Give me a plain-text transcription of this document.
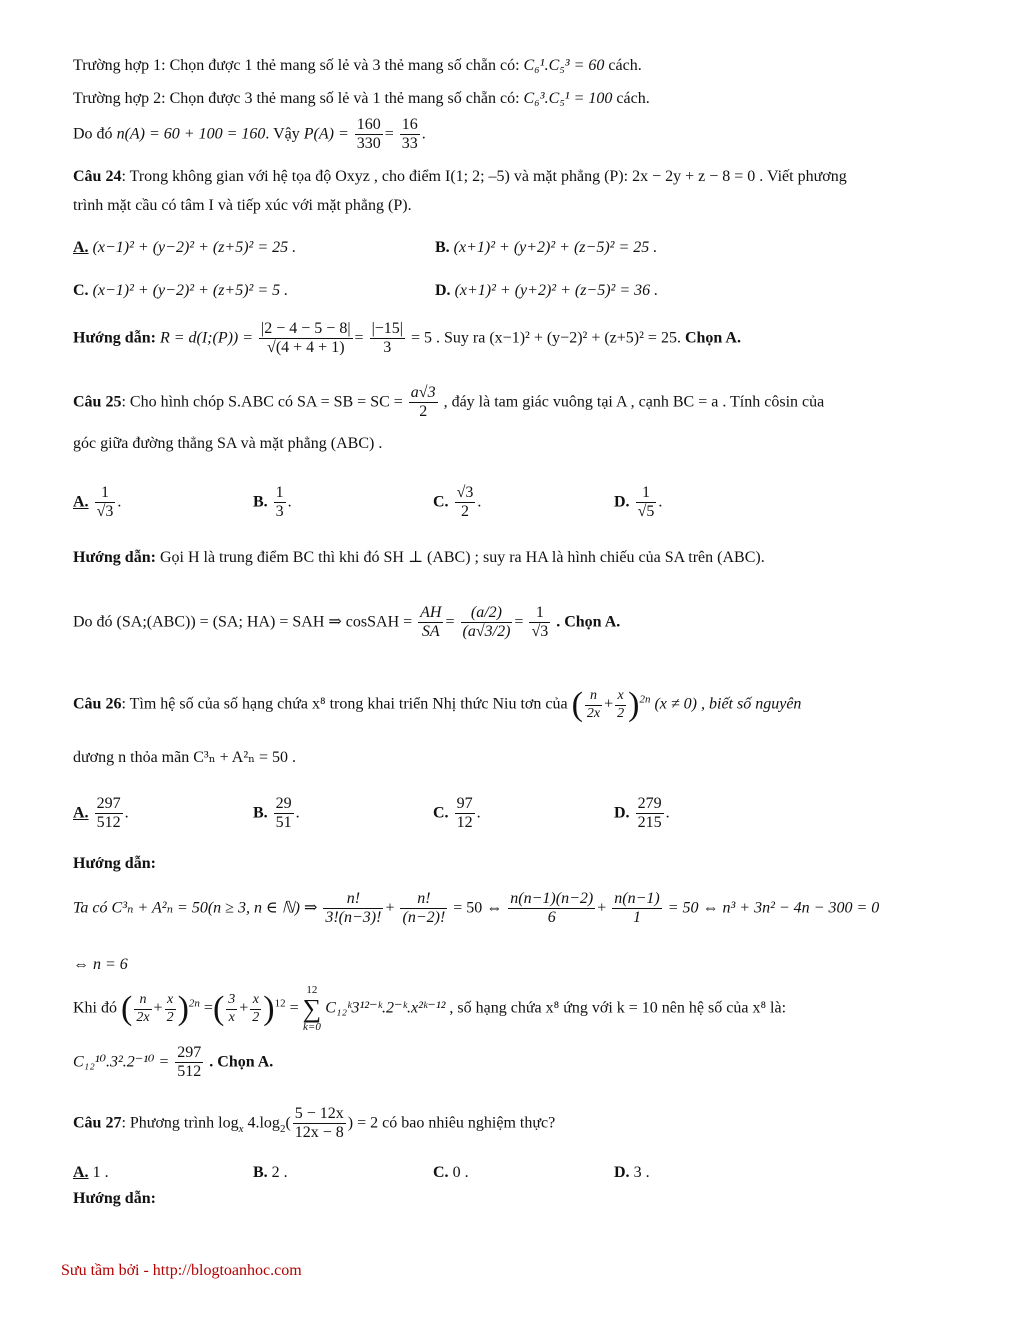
Trường hợp 1: Chọn được 1 thẻ mang số lẻ và 3 thẻ mang số chẵn có: C₆¹.C₅³ = 60 cách.
Trường hợp 2: Chọn được 3 thẻ mang số lẻ và 1 thẻ mang số chẵn có: C₆³.C₅¹ = 100 cách.
Do đó n(A) = 60 + 100 = 160. Vậy $P(A) = \frac{160}{330} = \frac{16}{33}$ .
Câu 24: Trong không gian với hệ tọa độ Oxyz , cho điểm I(1; 2; –5) và mặt phẳng (P): 2x − 2y + z − 8 = 0 . Viết phương
trình mặt cầu có tâm I và tiếp xúc với mặt phẳng (P).
A. (x−1)² + (y−2)² + (z+5)² = 25 .	B. (x+1)² + (y+2)² + (z−5)² = 25 .
C. (x−1)² + (y−2)² + (z+5)² = 5 .	D. (x+1)² + (y+2)² + (z−5)² = 36 .
Hướng dẫn: R = d(I;(P)) = $\frac{|2 - 4 - 5 - 8|}{√(4 + 4 + 1)} = \frac{|-15|}{3} = 5$ . Suy ra (x−1)² + (y−2)² + (z+5)² = 25. Chọn A.
Câu 25: Cho hình chóp S.ABC có SA = SB = SC = $\frac{a√3}{2}$ , đáy là tam giác vuông tại A , cạnh BC = a . Tính côsin của
góc giữa đường thẳng SA và mặt phẳng (ABC) .
A. $\frac{1}{√3}$ .	B. $\frac{1}{3}$ .	C. $\frac{√3}{2}$ .	D. $\frac{1}{√5}$ .
Hướng dẫn: Gọi H là trung điểm BC thì khi đó SH ⊥ (ABC) ; suy ra HA là hình chiếu của SA trên (ABC).
Do đó (SA;(ABC)) = (SA; HA) = SAH ⇒ cosSAH = $\frac{AH}{SA} = \frac{(a/2)}{(a√3/2)} = \frac{1}{√3}$ . Chọn A.
Câu 26: Tìm hệ số của số hạng chứa x⁸ trong khai triển Nhị thức Niu tơn của ( $\frac{n}{2x} + \frac{x}{2} )^{2n}$ (x ≠ 0) , biết số nguyên
dương n thỏa mãn C³ₙ + A²ₙ = 50 .
A. $\frac{297}{512}$ .	B. $\frac{29}{51}$ .	C. $\frac{97}{12}$ .	D. $\frac{279}{215}$ .
Hướng dẫn:
Ta có C³ₙ + A²ₙ = 50(n ≥ 3, n ∈ ℕ) ⇒ $\frac{n!}{3!(n-3)!} + \frac{n!}{(n-2)!} = 50$ ⇔ $\frac{n(n-1)(n-2)}{6} + \frac{n(n-1)}{1} = 50$ ⇔ n³ + 3n² − 4n − 300 = 0
⇔ n = 6
Khi đó ( $\frac{n}{2x} + \frac{x}{2} )^{2n}$ =( $\frac{3}{x} + \frac{x}{2} )^{12} = 12$
∑
k=0 C₁₂ᵏ3¹²⁻ᵏ.2⁻ᵏ.x²ᵏ⁻¹² , số hạng chứa x⁸ ứng với k = 10 nên hệ số của x⁸ là:
$C_{12}^{10}.3^2.2^{-10} = \frac{297}{512}$ . Chọn A.
Câu 27: Phương trình $\log_x 4.\log_2( \frac{5 - 12x}{12x - 8}$ ) = 2 có bao nhiêu nghiệm thực?
A. 1 .	B. 2 .	C. 0 .	D. 3 .
Hướng dẫn:
Sưu tầm bởi - http://blogtoanhoc.com
